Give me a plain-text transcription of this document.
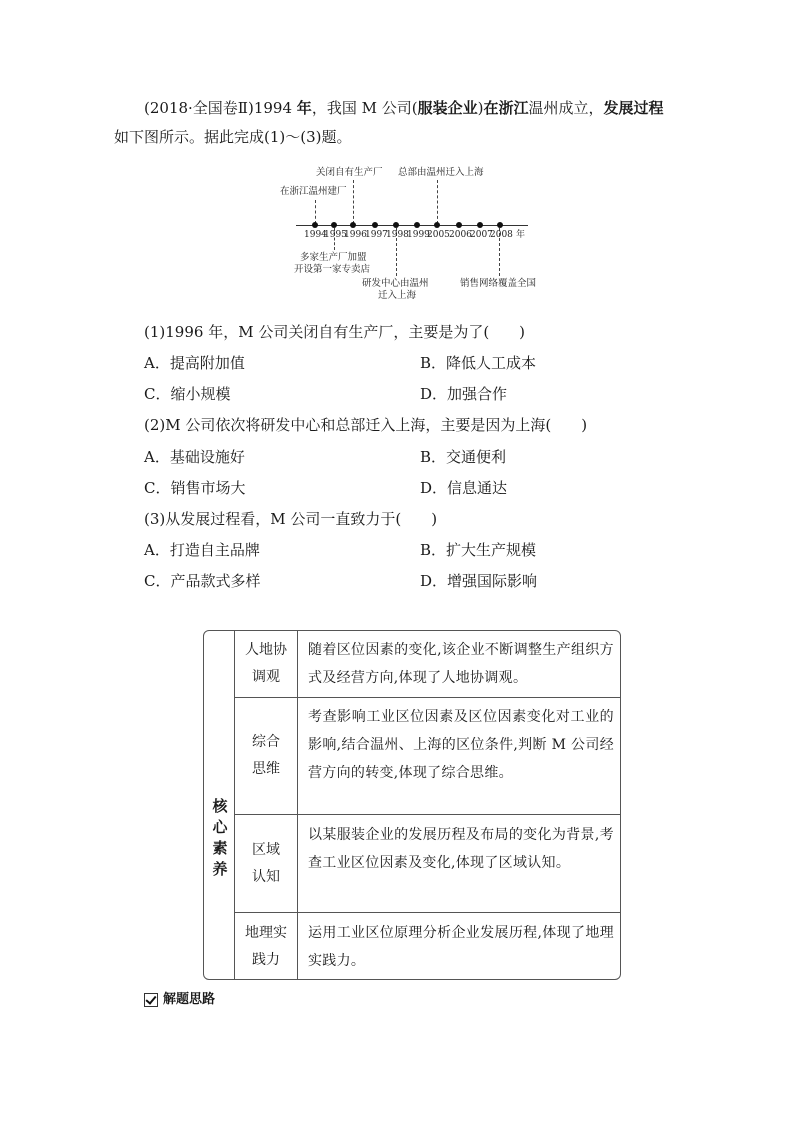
(2018·全国卷Ⅱ)1994 年，我国 M 公司(服装企业)在浙江温州成立，发展过程
如下图所示。据此完成(1)～(3)题。
关闭自有生产厂 总部由温州迁入上海
在浙江温州建厂
1994
1995
1996
1997
1998
1999
2005 2006
2007
2008 年
多家生产厂加盟
开设第一家专卖店
研发中心由温州
迁入上海
销售网络覆盖全国
(1)1996 年，M 公司关闭自有生产厂，主要是为了(　　)
A．提高附加值	B．降低人工成本
C．缩小规模	D．加强合作
(2)M 公司依次将研发中心和总部迁入上海，主要是因为上海(　　)
A．基础设施好	B．交通便利
C．销售市场大	D．信息通达
(3)从发展过程看，M 公司一直致力于(　　)
A．打造自主品牌	B．扩大生产规模
C．产品款式多样	D．增强国际影响
核心素养
人地协
调观
随着区位因素的变化,该企业不断调整生产组织方式及经营方向,体现了人地协调观。
综合
思维
考查影响工业区位因素及区位因素变化对工业的影响,结合温州、上海的区位条件,判断 M 公司经营方向的转变,体现了综合思维。
区域
认知
以某服装企业的发展历程及布局的变化为背景,考查工业区位因素及变化,体现了区域认知。
地理实
践力
运用工业区位原理分析企业发展历程,体现了地理实践力。
解题思路
